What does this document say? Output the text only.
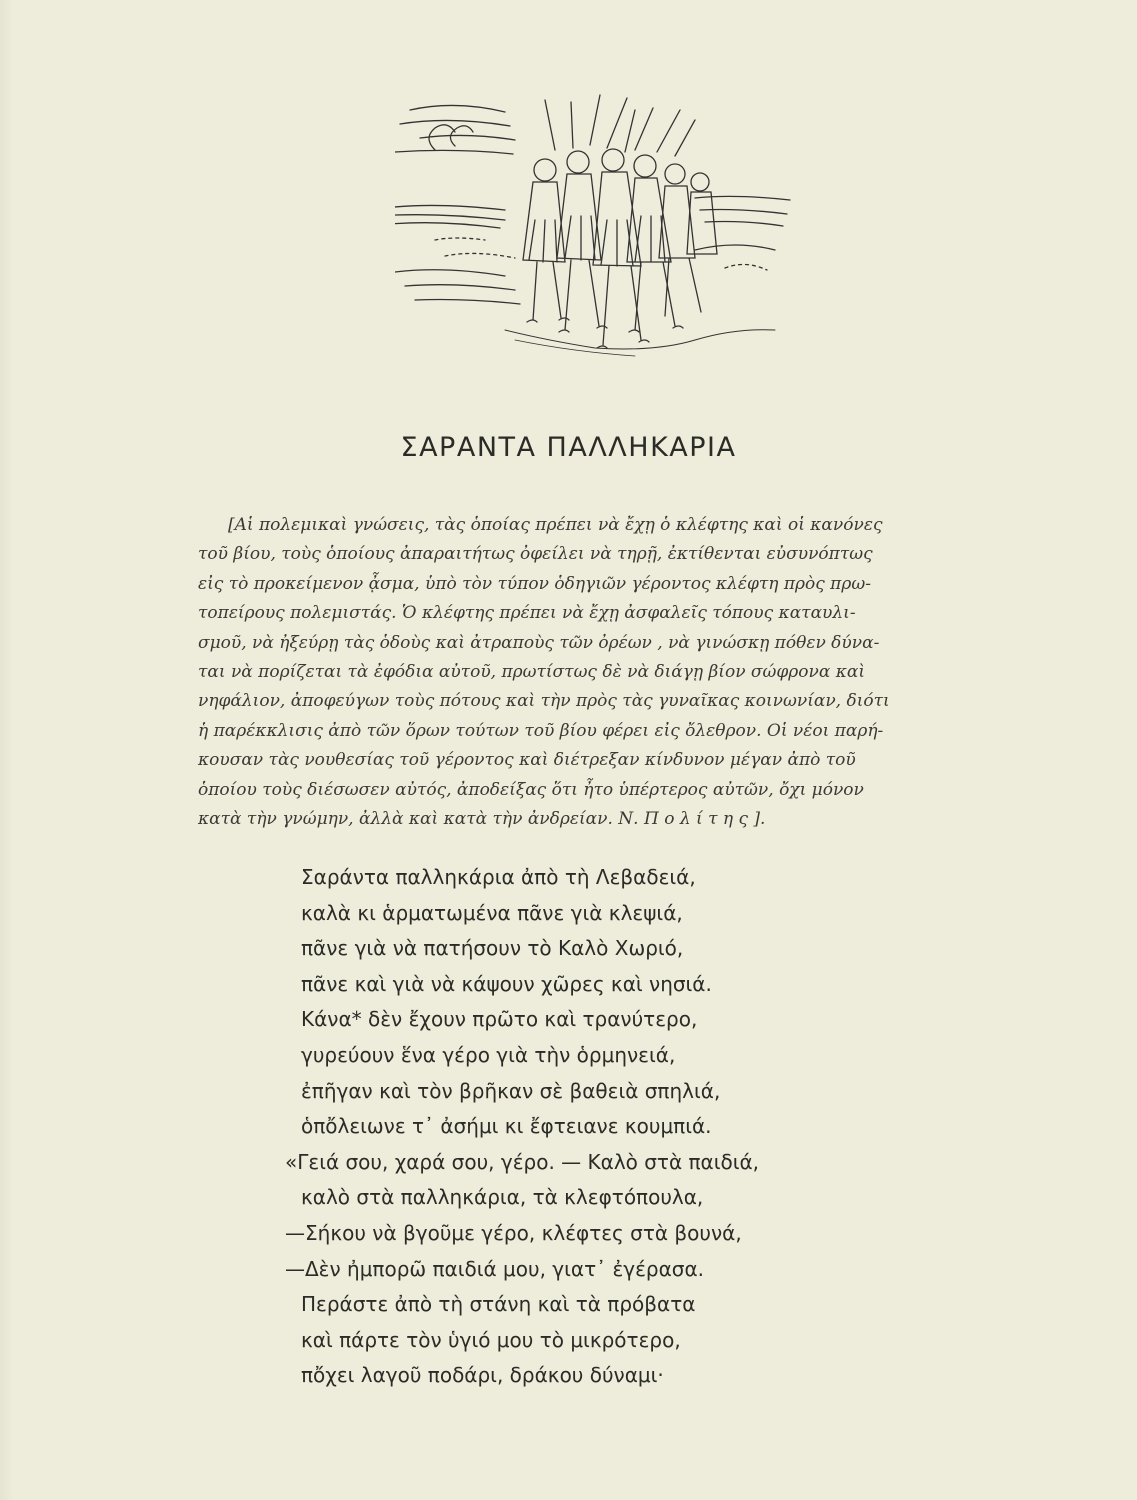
ΣΑΡΑΝΤΑ ΠΑΛΛΗΚΑΡΙΑ
[Αἱ πολεμικαὶ γνώσεις, τὰς ὁποίας πρέπει νὰ ἔχῃ ὁ κλέφτης καὶ οἱ κανόνες
τοῦ βίου, τοὺς ὁποίους ἀπαραιτήτως ὀφείλει νὰ τηρῇ, ἐκτίθενται εὐσυνόπτως
εἰς τὸ προκείμενον ᾆσμα, ὑπὸ τὸν τύπον ὁδηγιῶν γέροντος κλέφτη πρὸς πρω-
τοπείρους πολεμιστάς. Ὁ κλέφτης πρέπει νὰ ἔχῃ ἀσφαλεῖς τόπους καταυλι-
σμοῦ, νὰ ἠξεύρῃ τὰς ὁδοὺς καὶ ἀτραποὺς τῶν ὀρέων , νὰ γινώσκῃ πόθεν δύνα-
ται νὰ πορίζεται τὰ ἐφόδια αὐτοῦ, πρωτίστως δὲ νὰ διάγῃ βίον σώφρονα καὶ
νηφάλιον, ἀποφεύγων τοὺς πότους καὶ τὴν πρὸς τὰς γυναῖκας κοινωνίαν, διότι
ἡ παρέκκλισις ἀπὸ τῶν ὅρων τούτων τοῦ βίου φέρει εἰς ὄλεθρον. Οἱ νέοι παρή-
κουσαν τὰς νουθεσίας τοῦ γέροντος καὶ διέτρεξαν κίνδυνον μέγαν ἀπὸ τοῦ
ὁποίου τοὺς διέσωσεν αὐτός, ἀποδείξας ὅτι ἦτο ὑπέρτερος αὐτῶν, ὄχι μόνον
κατὰ τὴν γνώμην, ἀλλὰ καὶ κατὰ τὴν ἀνδρείαν. Ν. Π ο λ ί τ η ς ].
Σαράντα παλληκάρια ἀπὸ τὴ Λεβαδειά,
καλὰ κι ἁρματωμένα πᾶνε γιὰ κλεψιά,
πᾶνε γιὰ νὰ πατήσουν τὸ Καλὸ Χωριό,
πᾶνε καὶ γιὰ νὰ κάψουν χῶρες καὶ νησιά.
Κάνα* δὲν ἔχουν πρῶτο καὶ τρανύτερο,
γυρεύουν ἕνα γέρο γιὰ τὴν ὁρμηνειά,
ἐπῆγαν καὶ τὸν βρῆκαν σὲ βαθειὰ σπηλιά,
ὁπὄλειωνε τ᾿ ἀσήμι κι ἔφτειανε κουμπιά.
«Γειά σου, χαρά σου, γέρο. — Καλὸ στὰ παιδιά,
καλὸ στὰ παλληκάρια, τὰ κλεφτόπουλα,
—Σήκου νὰ βγοῦμε γέρο, κλέφτες στὰ βουνά,
—Δὲν ἠμπορῶ παιδιά μου, γιατ᾿ ἐγέρασα.
Περάστε ἀπὸ τὴ στάνη καὶ τὰ πρόβατα
καὶ πάρτε τὸν ὑγιό μου τὸ μικρότερο,
πὄχει λαγοῦ ποδάρι, δράκου δύναμι·
